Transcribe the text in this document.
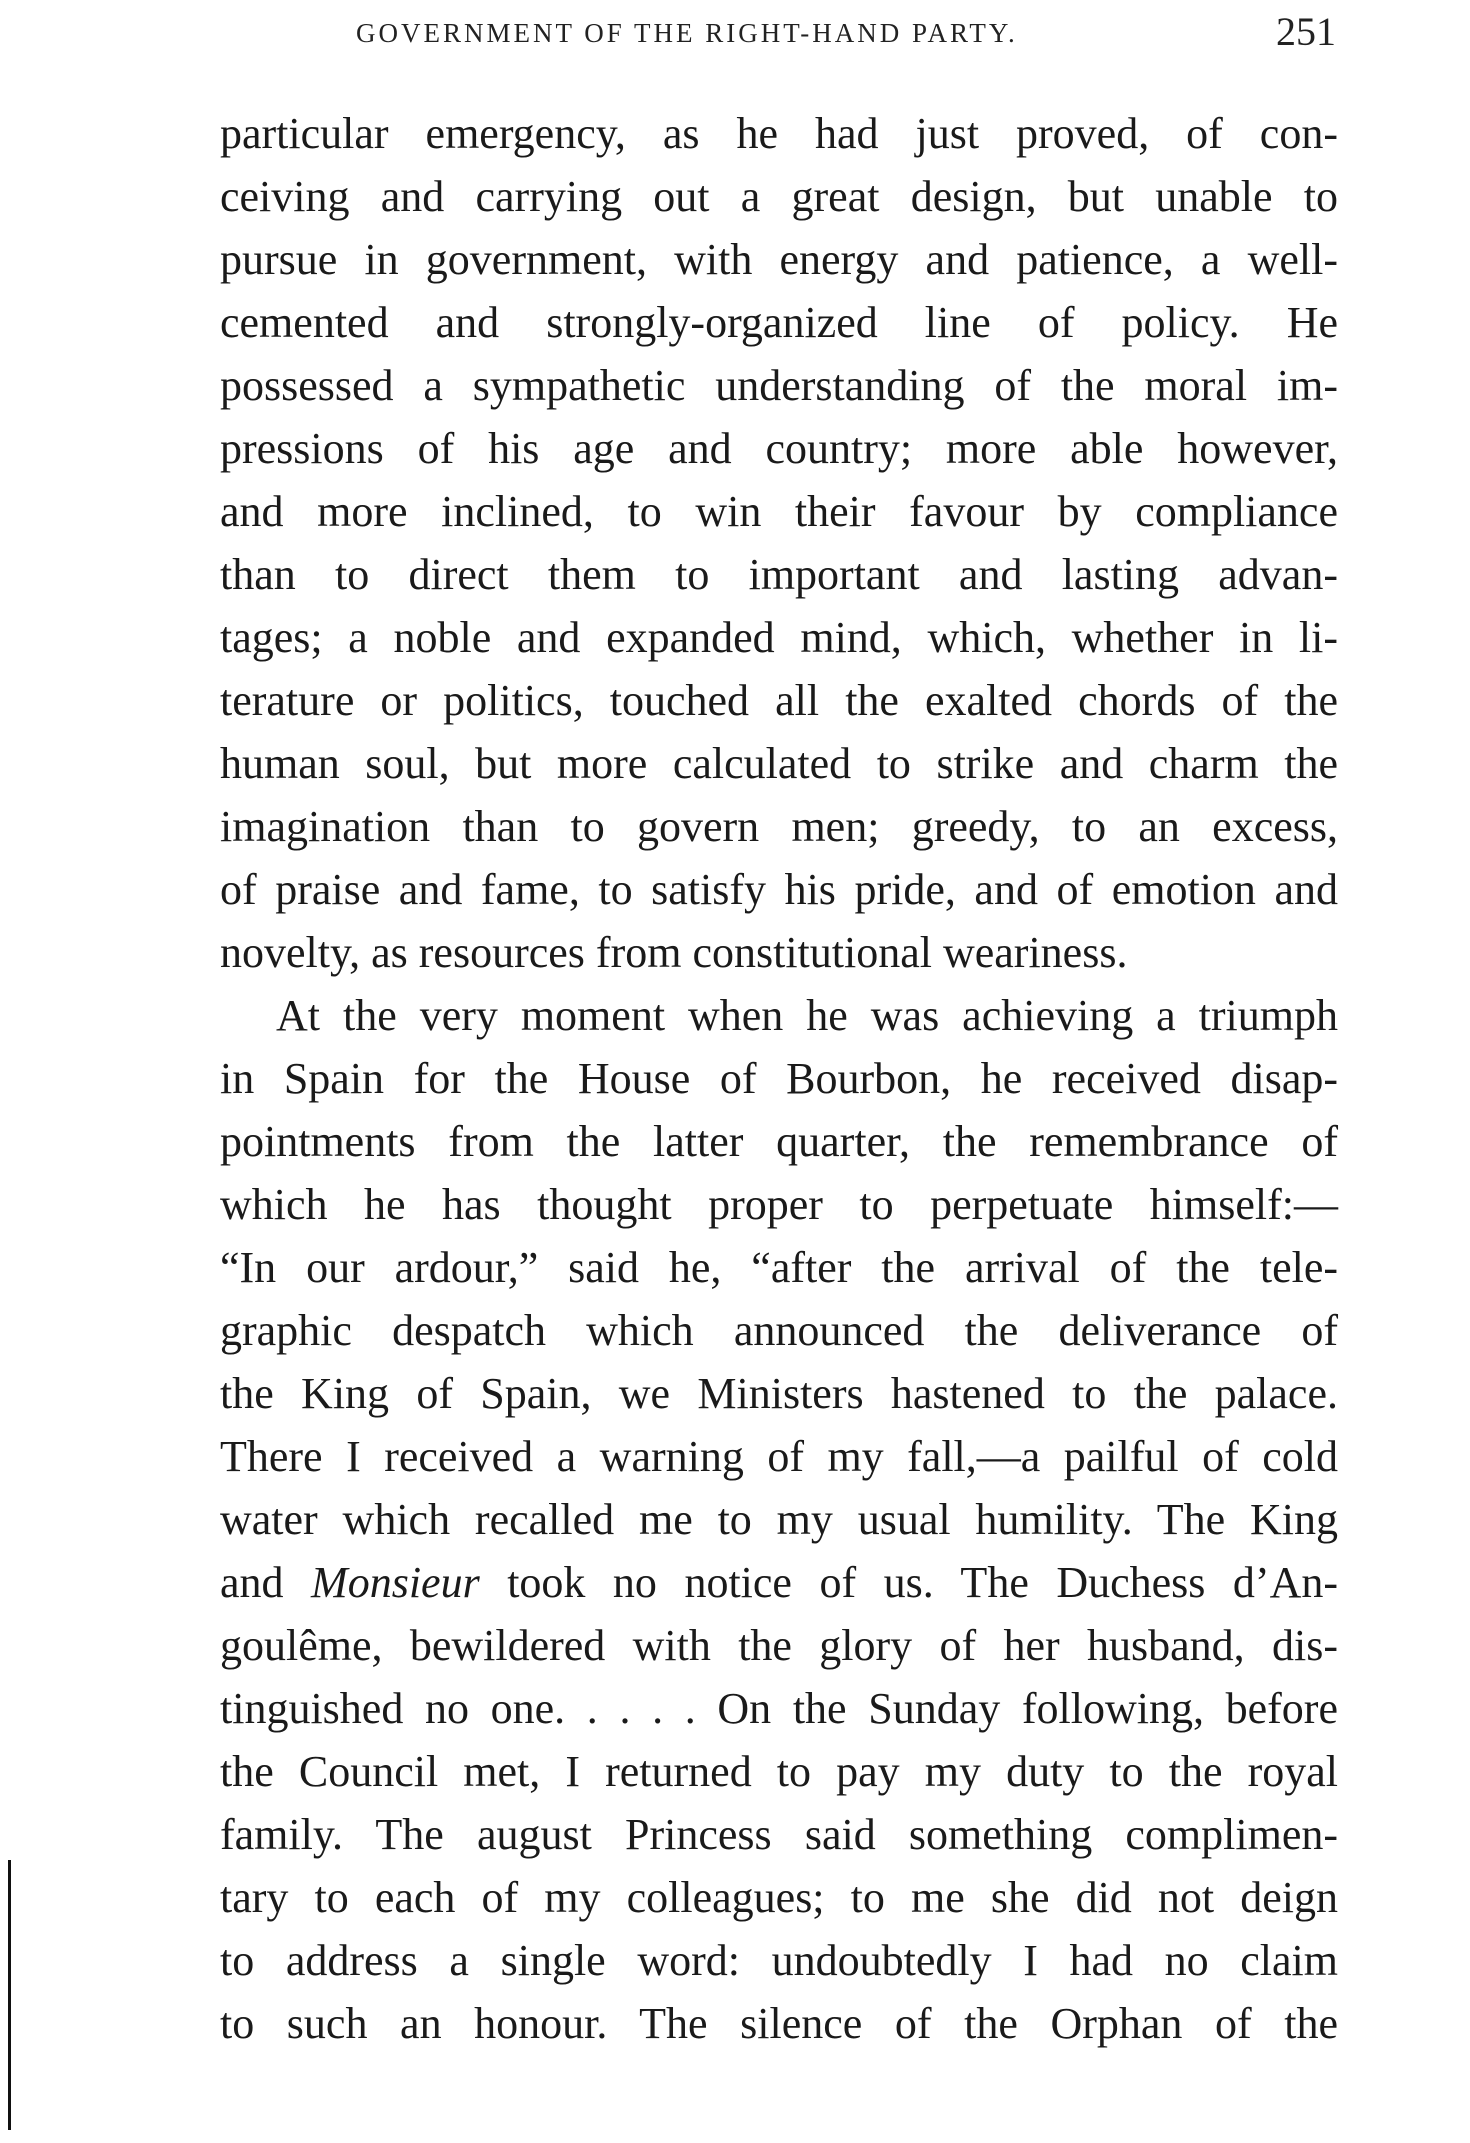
GOVERNMENT OF THE RIGHT-HAND PARTY.	251
particular emergency, as he had just proved, of con-
ceiving and carrying out a great design, but unable to
pursue in government, with energy and patience, a well-
cemented and strongly-organized line of policy. He
possessed a sympathetic understanding of the moral im-
pressions of his age and country; more able however,
and more inclined, to win their favour by compliance
than to direct them to important and lasting advan-
tages; a noble and expanded mind, which, whether in li-
terature or politics, touched all the exalted chords of the
human soul, but more calculated to strike and charm the
imagination than to govern men; greedy, to an excess,
of praise and fame, to satisfy his pride, and of emotion and
novelty, as resources from constitutional weariness.
At the very moment when he was achieving a triumph
in Spain for the House of Bourbon, he received disap-
pointments from the latter quarter, the remembrance of
which he has thought proper to perpetuate himself:—
“In our ardour,” said he, “after the arrival of the tele-
graphic despatch which announced the deliverance of
the King of Spain, we Ministers hastened to the palace.
There I received a warning of my fall,—a pailful of cold
water which recalled me to my usual humility. The King
and Monsieur took no notice of us. The Duchess d’An-
goulême, bewildered with the glory of her husband, dis-
tinguished no one. . . . . On the Sunday following, before
the Council met, I returned to pay my duty to the royal
family. The august Princess said something complimen-
tary to each of my colleagues; to me she did not deign
to address a single word: undoubtedly I had no claim
to such an honour. The silence of the Orphan of the
